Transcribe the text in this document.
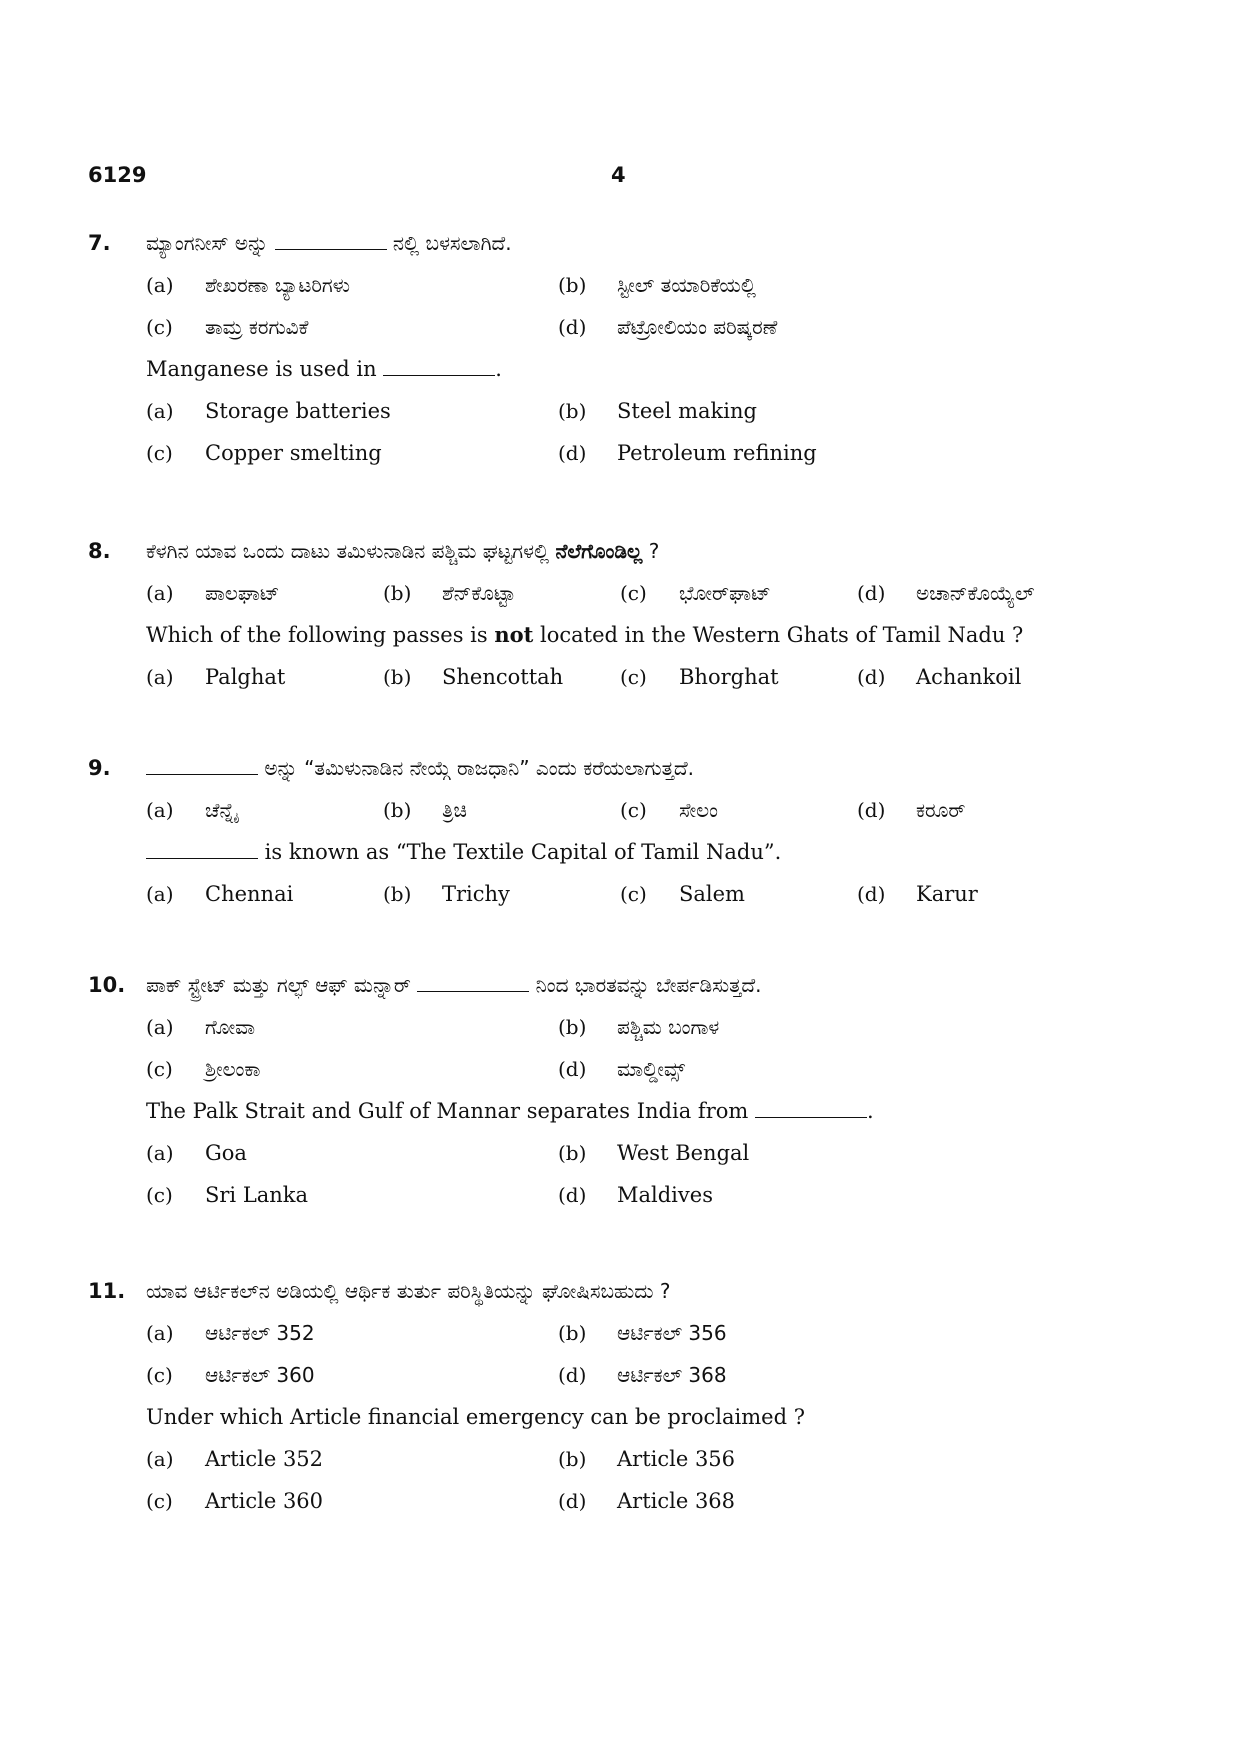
6129	4
7. ಮ್ಯಾಂಗನೀಸ್ ಅನ್ನು	ನಲ್ಲಿ ಬಳಸಲಾಗಿದೆ.
(a) ಶೇಖರಣಾ ಬ್ಯಾಟರಿಗಳು	(b) ಸ್ಟೀಲ್ ತಯಾರಿಕೆಯಲ್ಲಿ
(c) ತಾಮ್ರ ಕರಗುವಿಕೆ	(d) ಪೆಟ್ರೋಲಿಯಂ ಪರಿಷ್ಕರಣೆ
Manganese is used in	.
(a) Storage batteries	(b) Steel making
(c) Copper smelting	(d) Petroleum refining
8. ಕೆಳಗಿನ ಯಾವ ಒಂದು ದಾಟು ತಮಿಳುನಾಡಿನ ಪಶ್ಚಿಮ ಘಟ್ಟಗಳಲ್ಲಿ ನೆಲೆಗೊಂಡಿಲ್ಲ ?
(a) ಪಾಲಘಾಟ್	(b) ಶೆನ್‌ಕೊಟ್ಟಾ	(c) ಭೋರ್‌ಘಾಟ್	(d) ಅಚಾನ್‌ಕೊಯ್ಯೆಲ್
Which of the following passes is not located in the Western Ghats of Tamil Nadu ?
(a) Palghat	(b) Shencottah	(c) Bhorghat	(d) Achankoil
9.	ಅನ್ನು “ತಮಿಳುನಾಡಿನ ನೇಯ್ಗೆ ರಾಜಧಾನಿ” ಎಂದು ಕರೆಯಲಾಗುತ್ತದೆ.
(a) ಚೆನ್ನೈ	(b) ತ್ರಿಚಿ	(c) ಸೇಲಂ	(d) ಕರೂರ್
is known as “The Textile Capital of Tamil Nadu”.
(a) Chennai	(b) Trichy	(c) Salem	(d) Karur
10. ಪಾಕ್ ಸ್ಟ್ರೇಟ್ ಮತ್ತು ಗಲ್ಫ್ ಆಫ್ ಮನ್ನಾರ್	ನಿಂದ ಭಾರತವನ್ನು ಬೇರ್ಪಡಿಸುತ್ತದೆ.
(a) ಗೋವಾ	(b) ಪಶ್ಚಿಮ ಬಂಗಾಳ
(c) ಶ್ರೀಲಂಕಾ	(d) ಮಾಲ್ಡೀವ್ಸ್
The Palk Strait and Gulf of Mannar separates India from	.
(a) Goa	(b) West Bengal
(c) Sri Lanka	(d) Maldives
11. ಯಾವ ಆರ್ಟಿಕಲ್‌ನ ಅಡಿಯಲ್ಲಿ ಆರ್ಥಿಕ ತುರ್ತು ಪರಿಸ್ಥಿತಿಯನ್ನು ಘೋಷಿಸಬಹುದು ?
(a) ಆರ್ಟಿಕಲ್ 352	(b) ಆರ್ಟಿಕಲ್ 356
(c) ಆರ್ಟಿಕಲ್ 360	(d) ಆರ್ಟಿಕಲ್ 368
Under which Article financial emergency can be proclaimed ?
(a) Article 352	(b) Article 356
(c) Article 360	(d) Article 368
